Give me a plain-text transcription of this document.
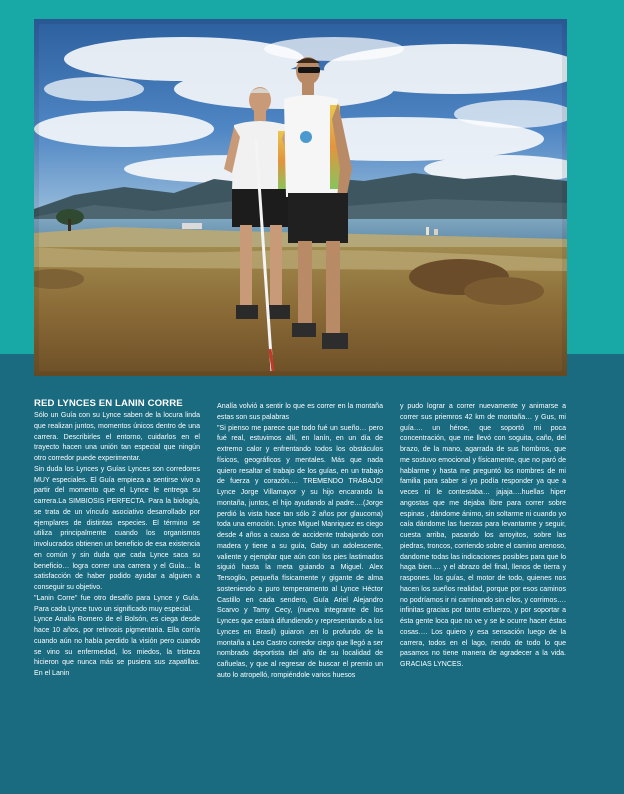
RED LYNCES EN LANIN CORRE

Sólo un Guía con su Lynce saben de la locura linda que realizan juntos, momentos únicos dentro de una carrera. Describirles el entorno, cuidarlos en el trayecto hacen una unión tan especial que ningún otro corredor puede experimentar.

Sin duda los Lynces y Guías Lynces son corredores MUY especiales. El Guía empieza a sentirse vivo a partir del momento que el Lynce le entrega su carrera.La SIMBIOSIS PERFECTA. Para la biología, se trata de un vínculo asociativo desarrollado por ejemplares de distintas especies. El término se utiliza principalmente cuando los organismos involucrados obtienen un beneficio de esa existencia en común y sin duda que cada Lynce saca su beneficio… logra correr una carrera y el Guía… la satisfacción de haber podido ayudar a alguien a conseguir su objetivo.

"Lanin Corre" fue otro desafío para Lynce y Guía. Para cada Lynce tuvo un significado muy especial.

Lynce Analía Romero de el Bolsón, es ciega desde hace 10 años, por retinosis pigmentaria. Ella corría cuando aún no había perdido la visión pero cuando se vino su enfermedad, los miedos, la tristeza hicieron que nunca más se pusiera sus zapatillas. En el Lanin

Analía volvió a sentir lo que es correr en la montaña estas son sus palabras

"Si pienso me parece que todo fué un sueño… pero fué real, estuvimos allí, en lanín, en un día de extremo calor y enfrentando todos los obstáculos físicos, geográficos y mentales. Más que nada quiero resaltar el trabajo de los guías, en un trabajo de fuerza y corazón…. TREMENDO TRABAJO! Lynce Jorge Villamayor y su hijo encarando la montaña, juntos, el hijo ayudando al padre….(Jorge perdió la vista hace tan sólo 2 años por glaucoma) toda una emoción. Lynce Miguel Manriquez es ciego desde 4 años a causa de accidente trabajando con madera y tiene a su guía, Gaby un adolescente, valiente y ejemplar que aún con los pies lastimados siguió hasta la meta guiando a Miguel. Alex Tersoglio, pequeña físicamente y gigante de alma sosteniendo a puro temperamento al Lynce Héctor Castillo en cada sendero, Guía Ariel Alejandro Scarvo y Tamy Cecy, (nueva integrante de los Lynces que estará difundiendo y representando a los Lynces en Brasil) guiaron .en lo profundo de la montaña a Leo Castro corredor ciego que llegó a ser nombrado deportista del año de su localidad de cañuelas, y que al regresar de buscar el premio un auto lo atropelló, rompiéndole varios huesos

y pudo lograr a correr nuevamente y animarse a correr sus priemros 42 km de montaña… y Gus, mi guía…. un héroe, que soportó mi poca concentración, que me llevó con soguita, caño, del brazo, de la mano, agarrada de sus hombros, que me sostuvo emocional y físicamente, que no paró de hablarme y hasta me preguntó los nombres de mi familia para saber si yo podía responder ya que a veces ni le contestaba… jajaja….huellas hiper angostas que me dejaba libre para correr sobre espinas , dándome ánimo, sin soltarme ni cuando yo caía dándome las fuerzas para levantarme y seguir, cuesta arriba, pasando los arroyitos, sobre las piedras, troncos, corriendo sobre el camino arenoso, dandome todas las indicaciones posibles para que lo haga bien…. y el abrazo del final, llenos de tierra y raspones. los guías, el motor de todo, quienes nos hacen los sueños realidad, porque por esos caminos no podríamos ir ni caminando sin ellos, y corrimos…. infinitas gracias por tanto esfuerzo, y por soportar a ésta gente loca que no ve y se le ocurre hacer éstas cosas…. Los quiero y esa sensación luego de la carrera, todos en el lago, riendo de todo lo que pasamos no tiene manera de agradecer a la vida. GRACIAS LYNCES.
